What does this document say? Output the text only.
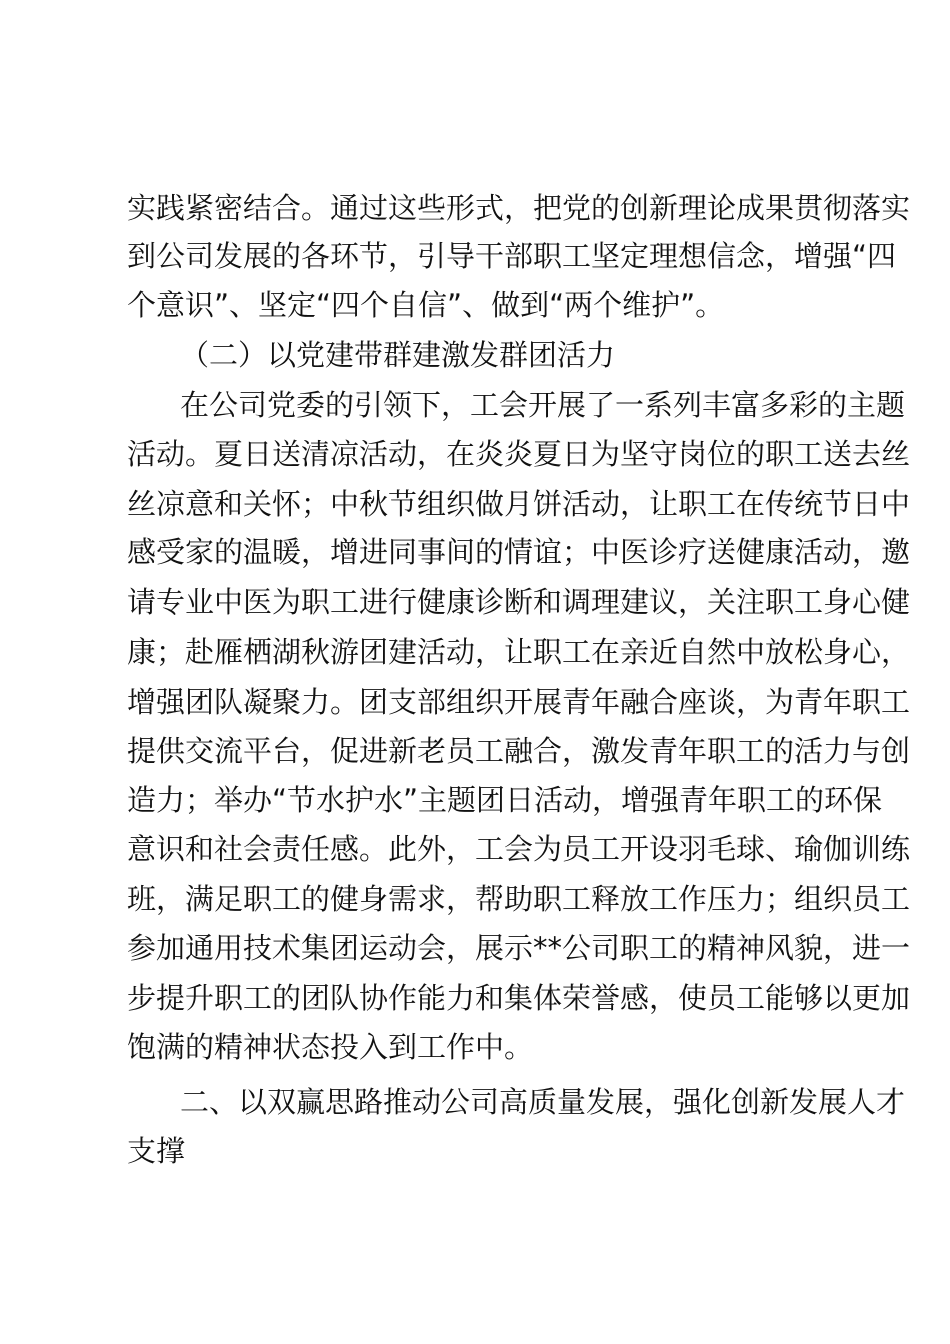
实践紧密结合。通过这些形式，把党的创新理论成果贯彻落实
到公司发展的各环节，引导干部职工坚定理想信念，增强“四
个意识”、坚定“四个自信”、做到“两个维护”。
（二）以党建带群建激发群团活力
在公司党委的引领下，工会开展了一系列丰富多彩的主题
活动。夏日送清凉活动，在炎炎夏日为坚守岗位的职工送去丝
丝凉意和关怀；中秋节组织做月饼活动，让职工在传统节日中
感受家的温暖，增进同事间的情谊；中医诊疗送健康活动，邀
请专业中医为职工进行健康诊断和调理建议，关注职工身心健
康；赴雁栖湖秋游团建活动，让职工在亲近自然中放松身心，
增强团队凝聚力。团支部组织开展青年融合座谈，为青年职工
提供交流平台，促进新老员工融合，激发青年职工的活力与创
造力；举办“节水护水”主题团日活动，增强青年职工的环保
意识和社会责任感。此外，工会为员工开设羽毛球、瑜伽训练
班，满足职工的健身需求，帮助职工释放工作压力；组织员工
参加通用技术集团运动会，展示**公司职工的精神风貌，进一
步提升职工的团队协作能力和集体荣誉感，使员工能够以更加
饱满的精神状态投入到工作中。
二、以双赢思路推动公司高质量发展，强化创新发展人才
支撑
